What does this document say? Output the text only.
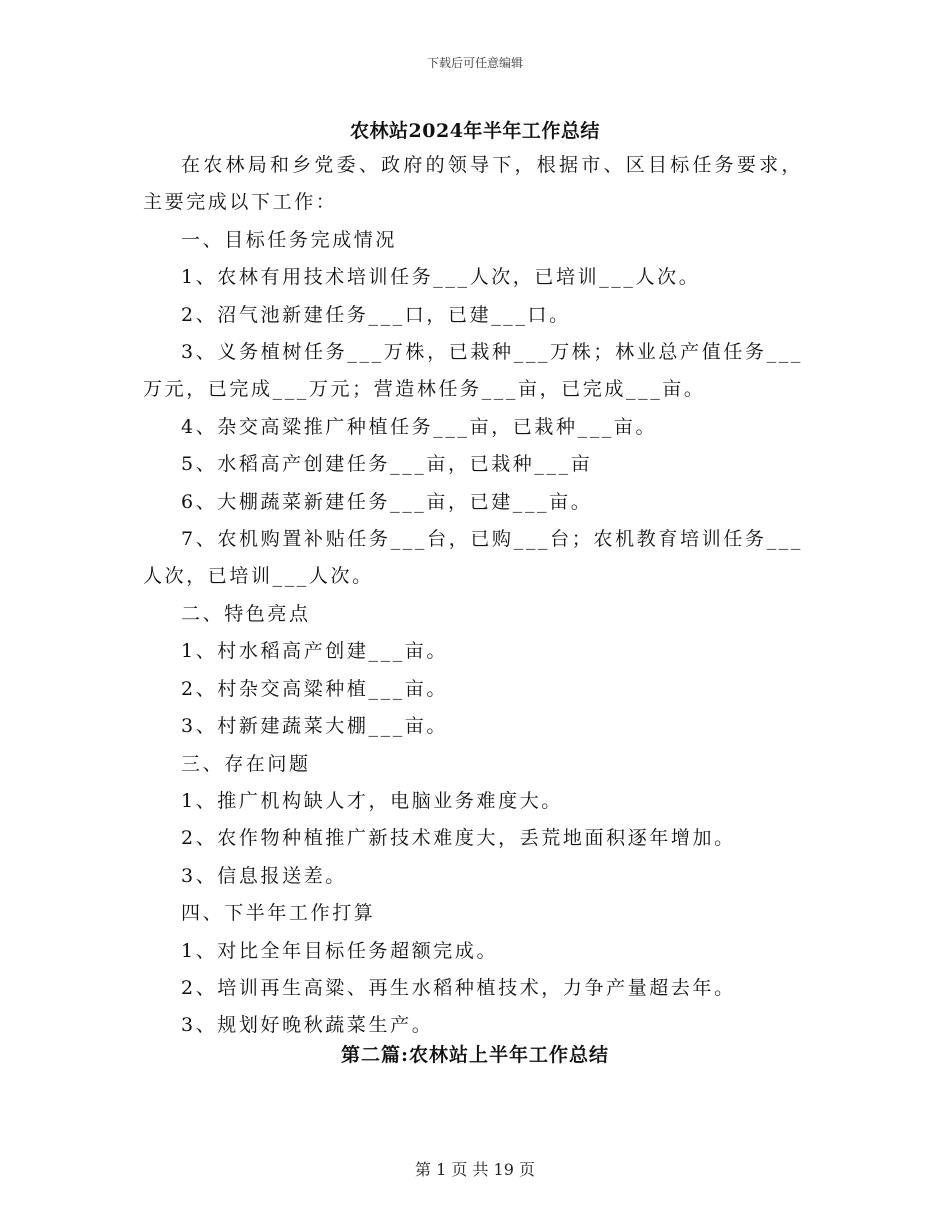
下载后可任意编辑
农林站2024年半年工作总结

在农林局和乡党委、政府的领导下，根据市、区目标任务要求，主要完成以下工作：

一、目标任务完成情况

1、农林有用技术培训任务___人次，已培训___人次。

2、沼气池新建任务___口，已建___口。

3、义务植树任务___万株，已栽种___万株；林业总产值任务___万元，已完成___万元；营造林任务___亩，已完成___亩。

4、杂交高粱推广种植任务___亩，已栽种___亩。

5、水稻高产创建任务___亩，已栽种___亩

6、大棚蔬菜新建任务___亩，已建___亩。

7、农机购置补贴任务___台，已购___台；农机教育培训任务___人次，已培训___人次。

二、特色亮点

1、村水稻高产创建___亩。

2、村杂交高粱种植___亩。

3、村新建蔬菜大棚___亩。

三、存在问题

1、推广机构缺人才，电脑业务难度大。

2、农作物种植推广新技术难度大，丢荒地面积逐年增加。

3、信息报送差。

四、下半年工作打算

1、对比全年目标任务超额完成。

2、培训再生高粱、再生水稻种植技术，力争产量超去年。

3、规划好晚秋蔬菜生产。

第二篇:农林站上半年工作总结
第 1 页 共 19 页
